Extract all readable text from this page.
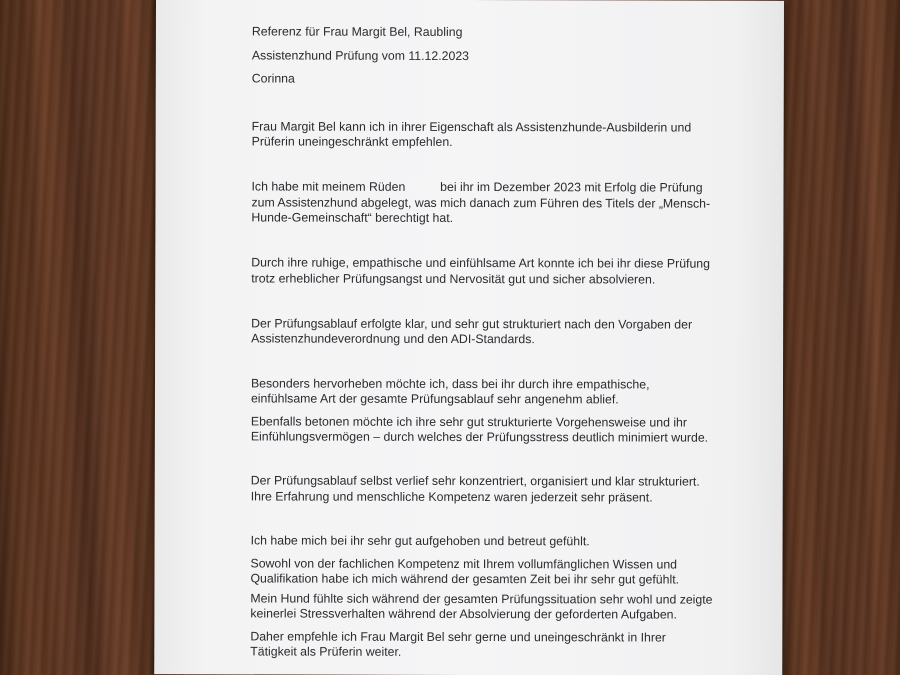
Referenz für Frau Margit Bel, Raubling

Assistenzhund Prüfung vom 11.12.2023

Corinna

Frau Margit Bel kann ich in ihrer Eigenschaft als Assistenzhunde-Ausbilderin und

Prüferin uneingeschränkt empfehlen.

Ich habe mit meinem Rüden	bei ihr im Dezember 2023 mit Erfolg die Prüfung

zum Assistenzhund abgelegt, was mich danach zum Führen des Titels der „Mensch-

Hunde-Gemeinschaft“ berechtigt hat.

Durch ihre ruhige, empathische und einfühlsame Art konnte ich bei ihr diese Prüfung

trotz erheblicher Prüfungsangst und Nervosität gut und sicher absolvieren.

Der Prüfungsablauf erfolgte klar, und sehr gut strukturiert nach den Vorgaben der

Assistenzhundeverordnung und den ADI-Standards.

Besonders hervorheben möchte ich, dass bei ihr durch ihre empathische,

einfühlsame Art der gesamte Prüfungsablauf sehr angenehm ablief.

Ebenfalls betonen möchte ich ihre sehr gut strukturierte Vorgehensweise und ihr

Einfühlungsvermögen – durch welches der Prüfungsstress deutlich minimiert wurde.

Der Prüfungsablauf selbst verlief sehr konzentriert, organisiert und klar strukturiert.

Ihre Erfahrung und menschliche Kompetenz waren jederzeit sehr präsent.

Ich habe mich bei ihr sehr gut aufgehoben und betreut gefühlt.

Sowohl von der fachlichen Kompetenz mit Ihrem vollumfänglichen Wissen und

Qualifikation habe ich mich während der gesamten Zeit bei ihr sehr gut gefühlt.

Mein Hund fühlte sich während der gesamten Prüfungssituation sehr wohl und zeigte

keinerlei Stressverhalten während der Absolvierung der geforderten Aufgaben.

Daher empfehle ich Frau Margit Bel sehr gerne und uneingeschränkt in Ihrer

Tätigkeit als Prüferin weiter.
